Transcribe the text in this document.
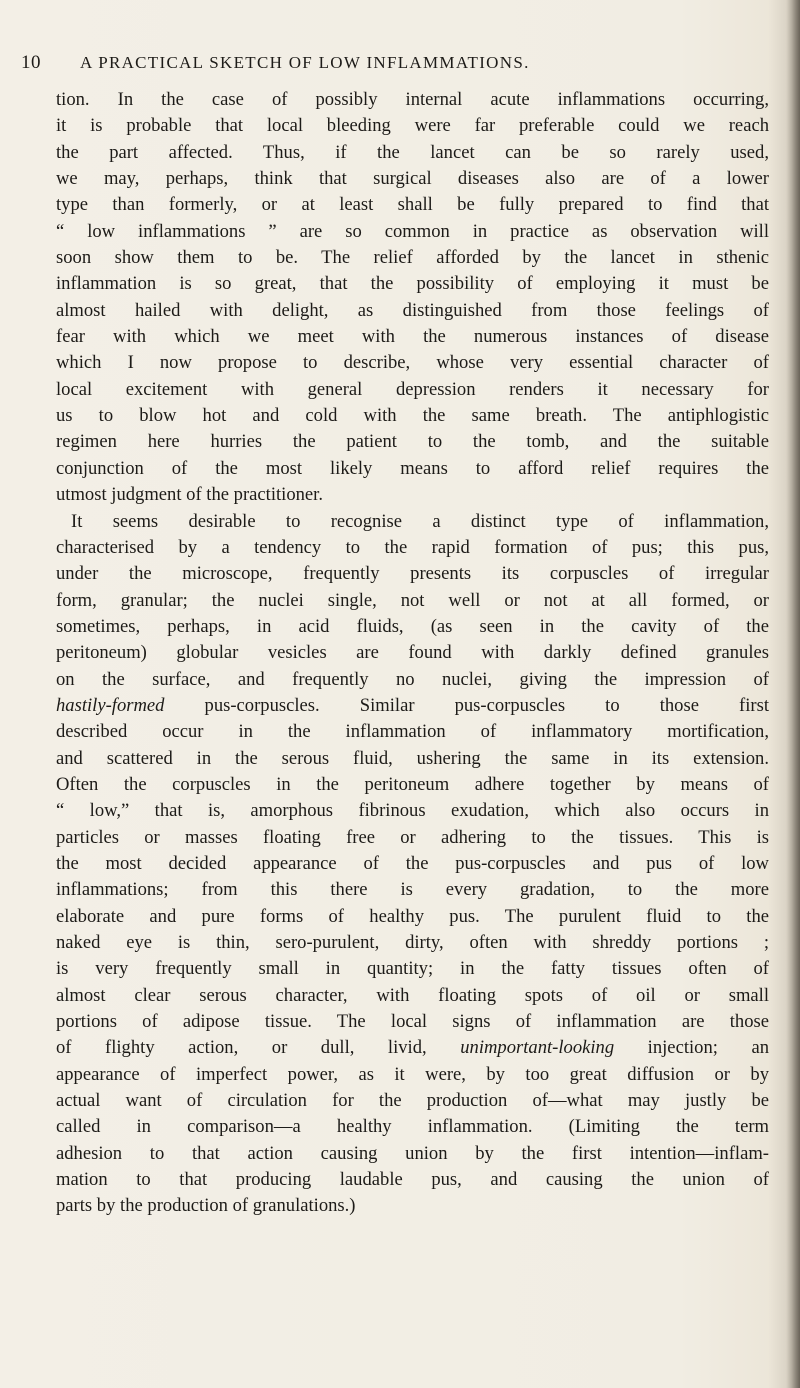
10 A PRACTICAL SKETCH OF LOW INFLAMMATIONS.
tion. In the case of possibly internal acute inflammations occurring,
it is probable that local bleeding were far preferable could we reach
the part affected. Thus, if the lancet can be so rarely used,
we may, perhaps, think that surgical diseases also are of a lower
type than formerly, or at least shall be fully prepared to find that
“ low inflammations ” are so common in practice as observation will
soon show them to be. The relief afforded by the lancet in sthenic
inflammation is so great, that the possibility of employing it must be
almost hailed with delight, as distinguished from those feelings of
fear with which we meet with the numerous instances of disease
which I now propose to describe, whose very essential character of
local excitement with general depression renders it necessary for
us to blow hot and cold with the same breath. The antiphlogistic
regimen here hurries the patient to the tomb, and the suitable
conjunction of the most likely means to afford relief requires the
utmost judgment of the practitioner.
It seems desirable to recognise a distinct type of inflammation,
characterised by a tendency to the rapid formation of pus; this pus,
under the microscope, frequently presents its corpuscles of irregular
form, granular; the nuclei single, not well or not at all formed, or
sometimes, perhaps, in acid fluids, (as seen in the cavity of the
peritoneum) globular vesicles are found with darkly defined granules
on the surface, and frequently no nuclei, giving the impression of
hastily-formed pus-corpuscles. Similar pus-corpuscles to those first
described occur in the inflammation of inflammatory mortification,
and scattered in the serous fluid, ushering the same in its extension.
Often the corpuscles in the peritoneum adhere together by means of
“ low,” that is, amorphous fibrinous exudation, which also occurs in
particles or masses floating free or adhering to the tissues. This is
the most decided appearance of the pus-corpuscles and pus of low
inflammations; from this there is every gradation, to the more
elaborate and pure forms of healthy pus. The purulent fluid to the
naked eye is thin, sero-purulent, dirty, often with shreddy portions ;
is very frequently small in quantity; in the fatty tissues often of
almost clear serous character, with floating spots of oil or small
portions of adipose tissue. The local signs of inflammation are those
of flighty action, or dull, livid, unimportant-looking injection; an
appearance of imperfect power, as it were, by too great diffusion or by
actual want of circulation for the production of—what may justly be
called in comparison—a healthy inflammation. (Limiting the term
adhesion to that action causing union by the first intention—inflam-
mation to that producing laudable pus, and causing the union of
parts by the production of granulations.)
